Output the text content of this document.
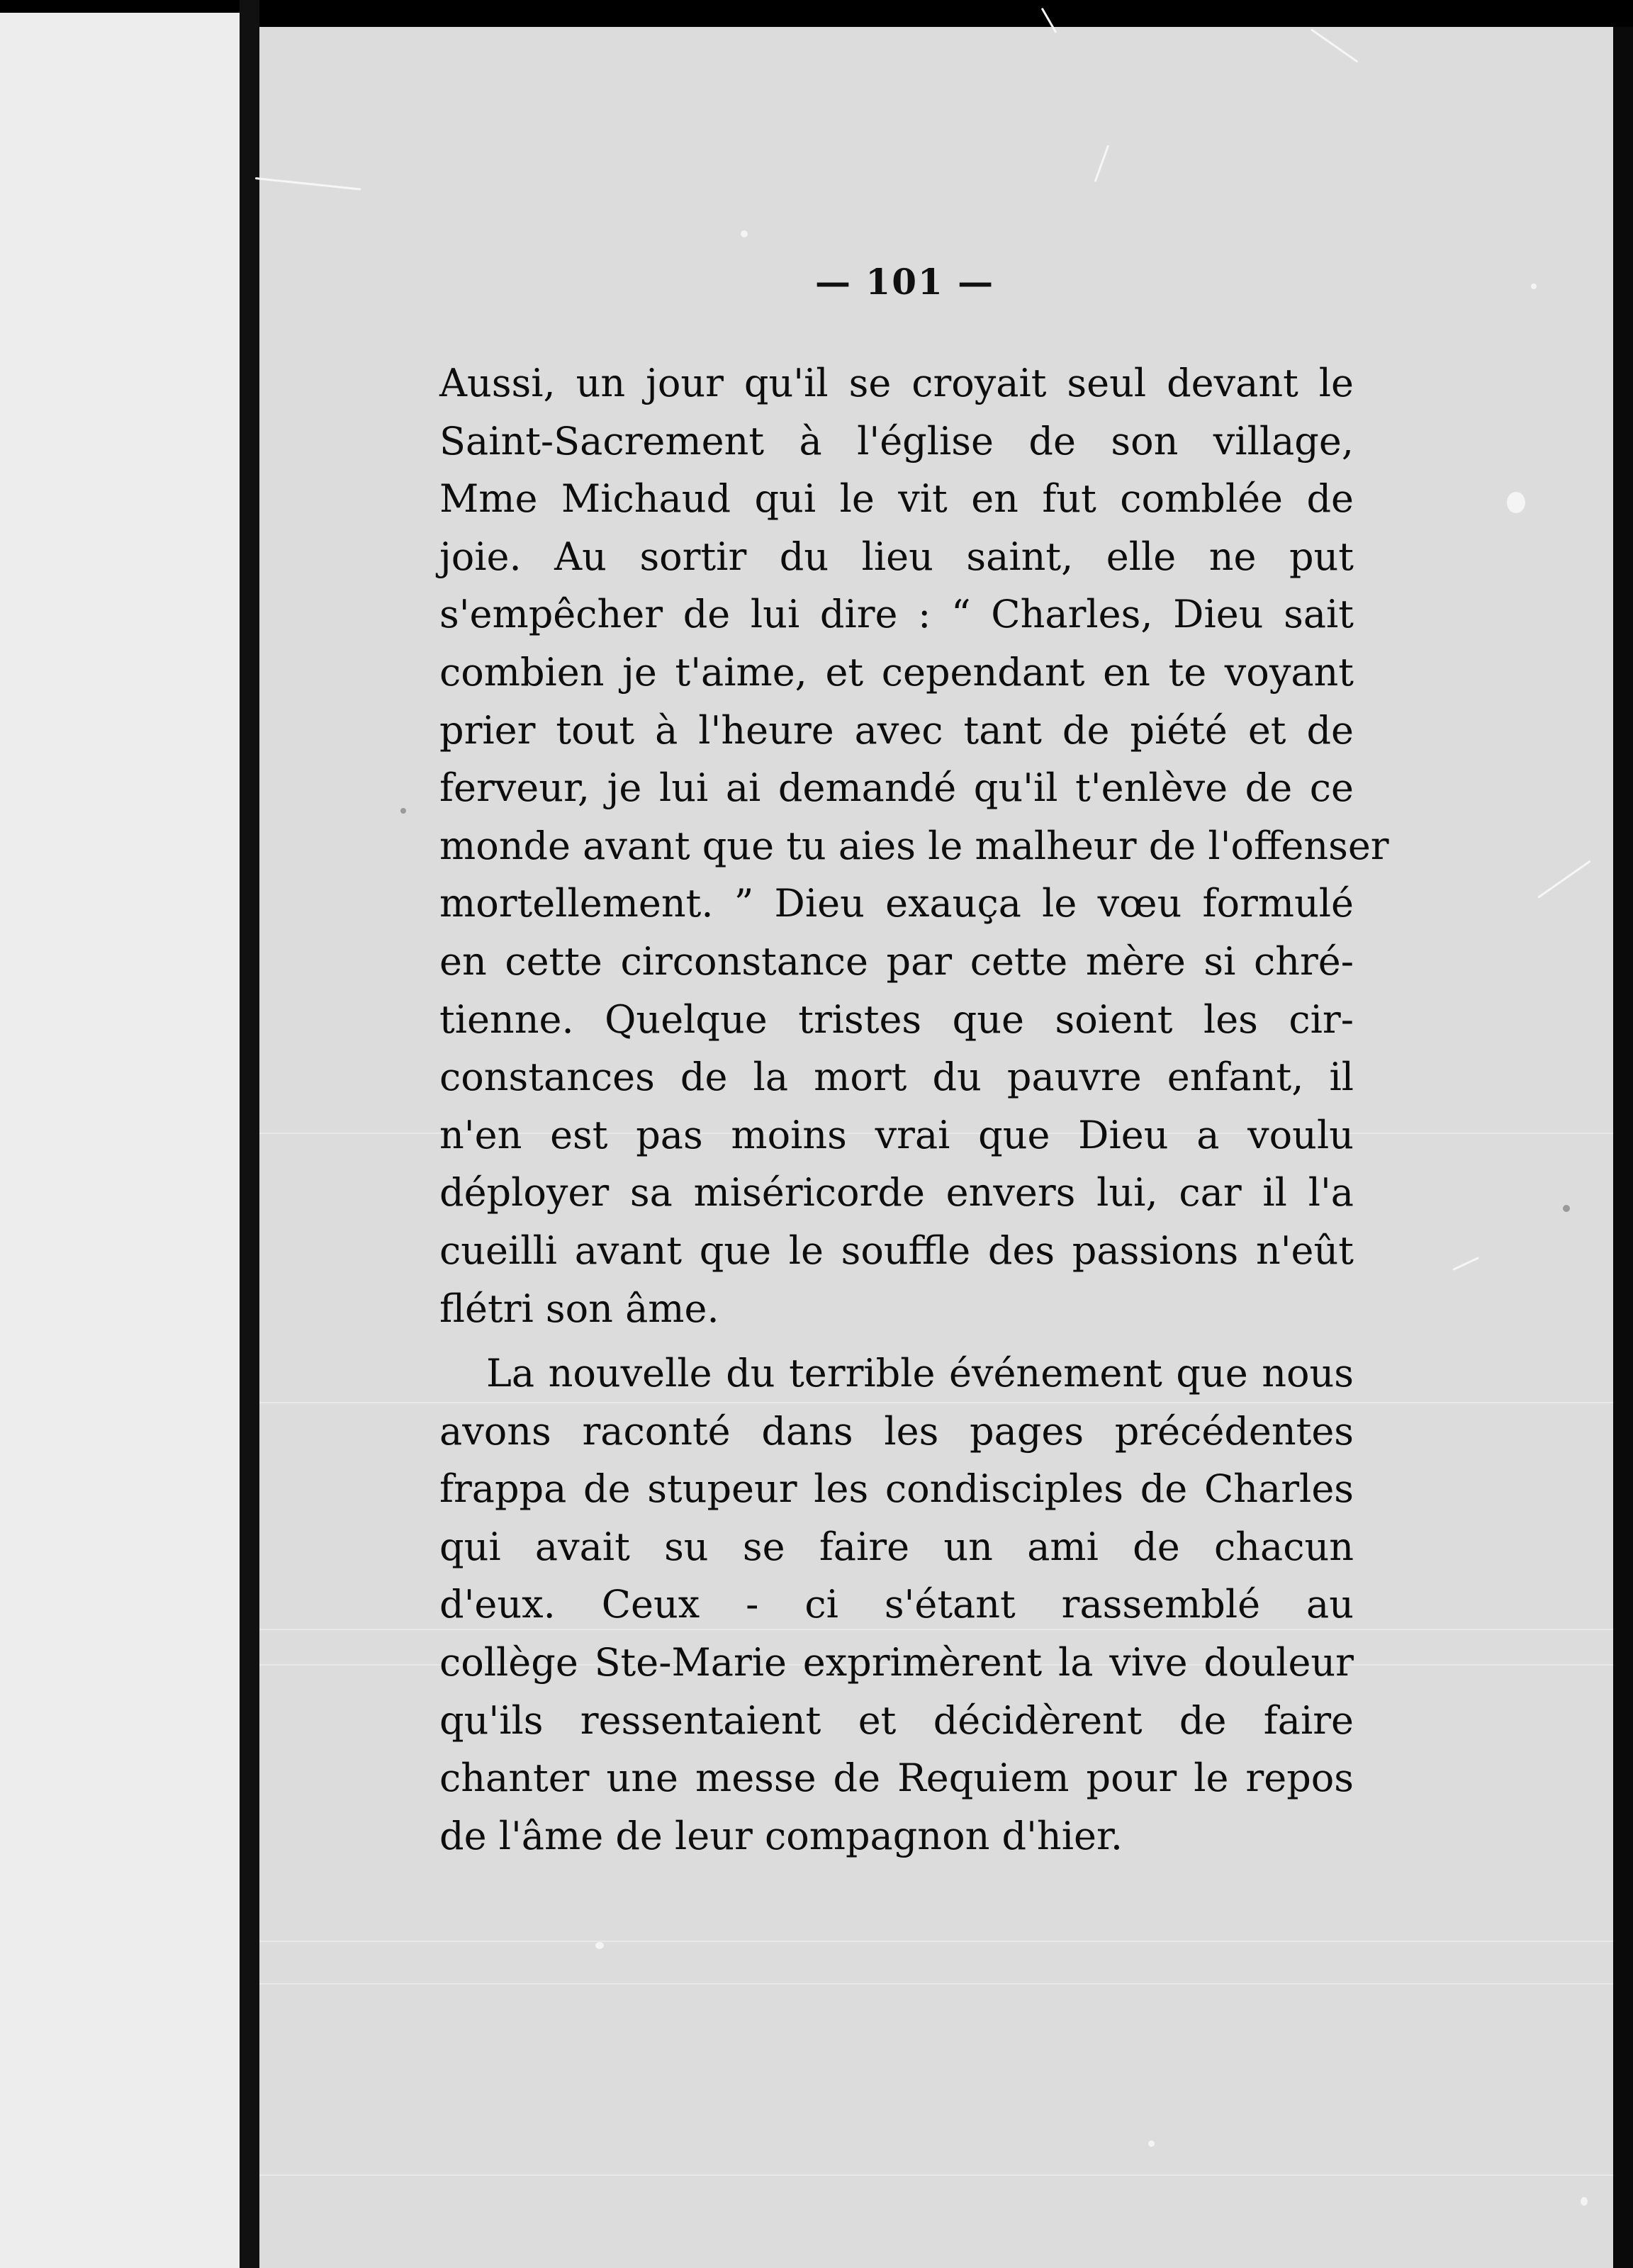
— 101 —
Aussi, un jour qu'il se croyait seul devant le
Saint-Sacrement à l'église de son village,
Mme Michaud qui le vit en fut comblée de
joie. Au sortir du lieu saint, elle ne put
s'empêcher de lui dire : “ Charles, Dieu sait
combien je t'aime, et cependant en te voyant
prier tout à l'heure avec tant de piété et de
ferveur, je lui ai demandé qu'il t'enlève de ce
monde avant que tu aies le malheur de l'offenser
mortellement. ” Dieu exauça le vœu formulé
en cette circonstance par cette mère si chré-
tienne. Quelque tristes que soient les cir-
constances de la mort du pauvre enfant, il
n'en est pas moins vrai que Dieu a voulu
déployer sa miséricorde envers lui, car il l'a
cueilli avant que le souffle des passions n'eût
flétri son âme.
La nouvelle du terrible événement que nous
avons raconté dans les pages précédentes
frappa de stupeur les condisciples de Charles
qui avait su se faire un ami de chacun
d'eux. Ceux - ci s'étant rassemblé au
collège Ste-Marie exprimèrent la vive douleur
qu'ils ressentaient et décidèrent de faire
chanter une messe de Requiem pour le repos
de l'âme de leur compagnon d'hier.
